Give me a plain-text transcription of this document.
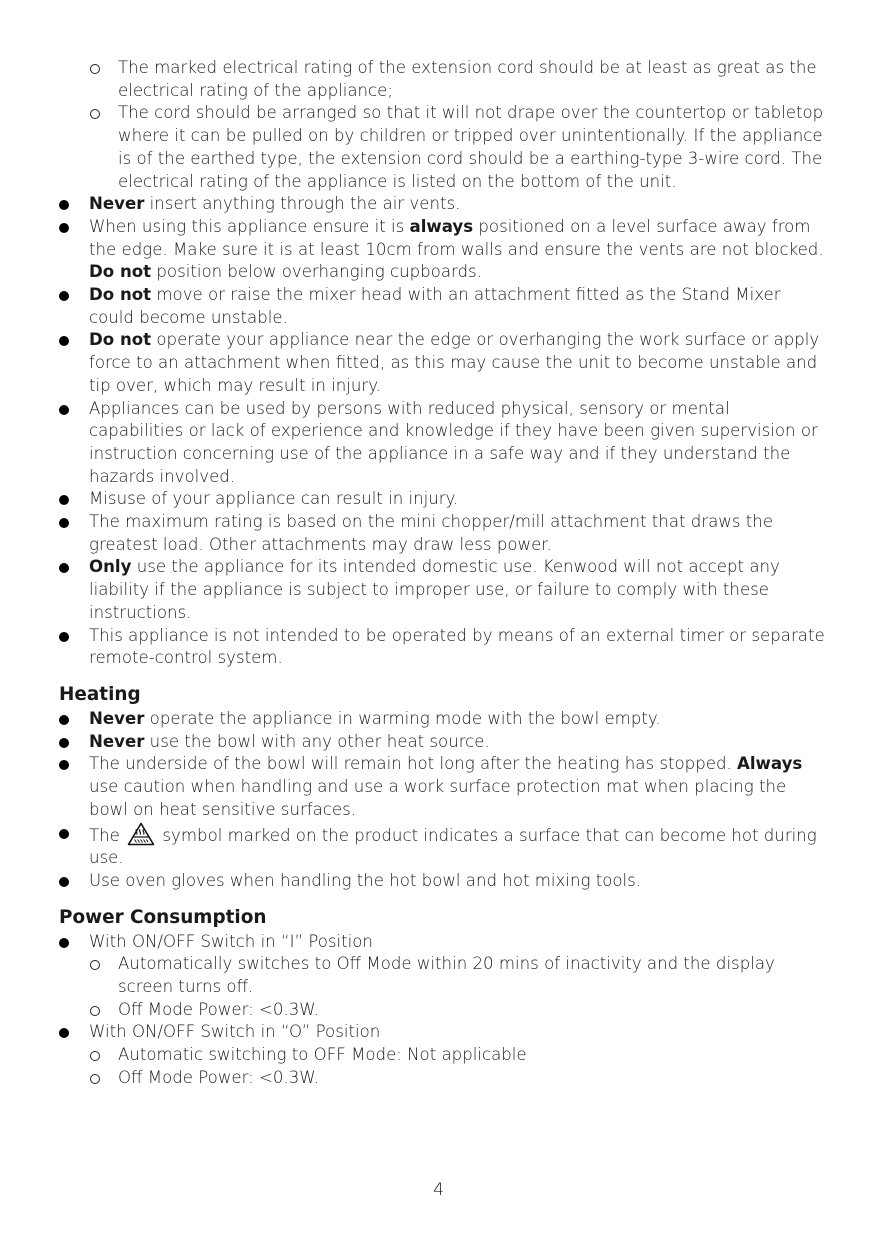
The marked electrical rating of the extension cord should be at least as great as the electrical rating of the appliance;

The cord should be arranged so that it will not drape over the countertop or tabletop where it can be pulled on by children or tripped over unintentionally. If the appliance is of the earthed type, the extension cord should be a earthing-type 3-wire cord. The electrical rating of the appliance is listed on the bottom of the unit.

Never insert anything through the air vents.

When using this appliance ensure it is always positioned on a level surface away from the edge. Make sure it is at least 10cm from walls and ensure the vents are not blocked. Do not position below overhanging cupboards.

Do not move or raise the mixer head with an attachment fitted as the Stand Mixer could become unstable.

Do not operate your appliance near the edge or overhanging the work surface or apply force to an attachment when fitted, as this may cause the unit to become unstable and tip over, which may result in injury.

Appliances can be used by persons with reduced physical, sensory or mental capabilities or lack of experience and knowledge if they have been given supervision or instruction concerning use of the appliance in a safe way and if they understand the hazards involved.

Misuse of your appliance can result in injury.

The maximum rating is based on the mini chopper/mill attachment that draws the greatest load. Other attachments may draw less power.

Only use the appliance for its intended domestic use. Kenwood will not accept any liability if the appliance is subject to improper use, or failure to comply with these instructions.

This appliance is not intended to be operated by means of an external timer or separate remote-control system.

Heating

Never operate the appliance in warming mode with the bowl empty.

Never use the bowl with any other heat source.

The underside of the bowl will remain hot long after the heating has stopped. Always use caution when handling and use a work surface protection mat when placing the bowl on heat sensitive surfaces.

The  symbol marked on the product indicates a surface that can become hot during use.

Use oven gloves when handling the hot bowl and hot mixing tools.

Power Consumption

With ON/OFF Switch in “I” Position

Automatically switches to Off Mode within 20 mins of inactivity and the display screen turns off.

Off Mode Power: <0.3W.

With ON/OFF Switch in “O” Position

Automatic switching to OFF Mode: Not applicable

Off Mode Power: <0.3W.

4
